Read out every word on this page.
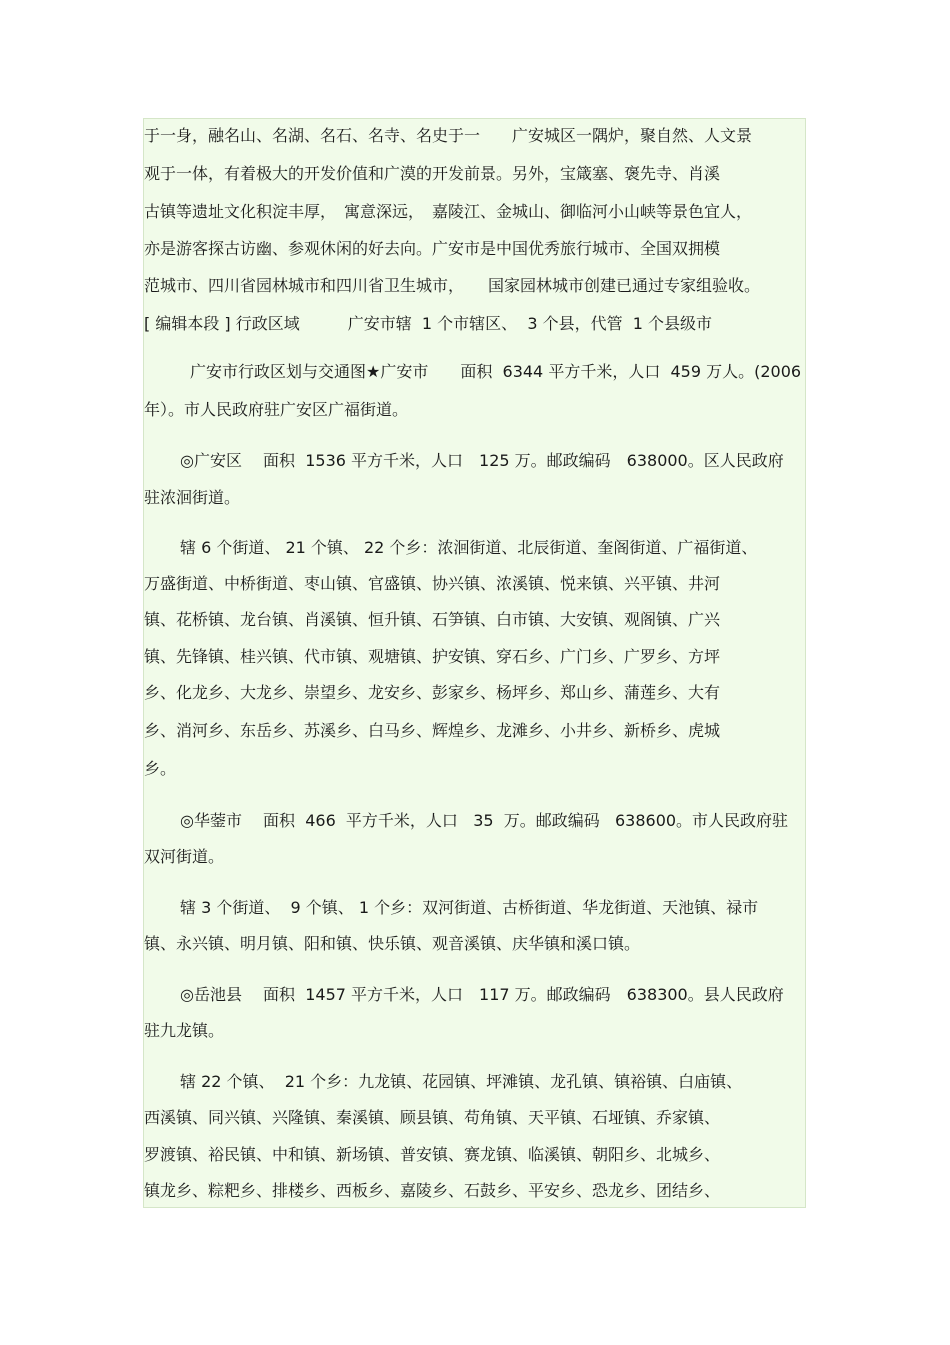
于一身，融名山、名湖、名石、名寺、名史于一　　广安城区一隅炉，聚自然、人文景
观于一体，有着极大的开发价值和广漠的开发前景。另外，宝箴塞、褒先寺、肖溪
古镇等遗址文化积淀丰厚，　寓意深远，　嘉陵江、金城山、御临河小山峡等景色宜人，
亦是游客探古访幽、参观休闲的好去向。广安市是中国优秀旅行城市、全国双拥模
范城市、四川省园林城市和四川省卫生城市，　　国家园林城市创建已通过专家组验收。
[ 编辑本段 ] 行政区域　　　广安市辖  1 个市辖区、  3 个县，代管  1 个县级市
广安市行政区划与交通图★广安市　　面积  6344 平方千米，人口  459 万人。(2006
年）。市人民政府驻广安区广福街道。
◎广安区　 面积  1536 平方千米，人口　125 万。邮政编码　638000。区人民政府
驻浓洄街道。
辖 6 个街道、 21 个镇、 22 个乡：浓洄街道、北辰街道、奎阁街道、广福街道、
万盛街道、中桥街道、枣山镇、官盛镇、协兴镇、浓溪镇、悦来镇、兴平镇、井河
镇、花桥镇、龙台镇、肖溪镇、恒升镇、石笋镇、白市镇、大安镇、观阁镇、广兴
镇、先锋镇、桂兴镇、代市镇、观塘镇、护安镇、穿石乡、广门乡、广罗乡、方坪
乡、化龙乡、大龙乡、崇望乡、龙安乡、彭家乡、杨坪乡、郑山乡、蒲莲乡、大有
乡、消河乡、东岳乡、苏溪乡、白马乡、辉煌乡、龙滩乡、小井乡、新桥乡、虎城
乡。
◎华蓥市　 面积  466  平方千米，人口   35  万。邮政编码   638600。市人民政府驻
双河街道。
辖 3 个街道、  9 个镇、 1 个乡：双河街道、古桥街道、华龙街道、天池镇、禄市
镇、永兴镇、明月镇、阳和镇、快乐镇、观音溪镇、庆华镇和溪口镇。
◎岳池县　 面积  1457 平方千米，人口　117 万。邮政编码　638300。县人民政府
驻九龙镇。
辖 22 个镇、  21 个乡：九龙镇、花园镇、坪滩镇、龙孔镇、镇裕镇、白庙镇、
西溪镇、同兴镇、兴隆镇、秦溪镇、顾县镇、苟角镇、天平镇、石垭镇、乔家镇、
罗渡镇、裕民镇、中和镇、新场镇、普安镇、赛龙镇、临溪镇、朝阳乡、北城乡、
镇龙乡、粽粑乡、排楼乡、西板乡、嘉陵乡、石鼓乡、平安乡、恐龙乡、团结乡、
